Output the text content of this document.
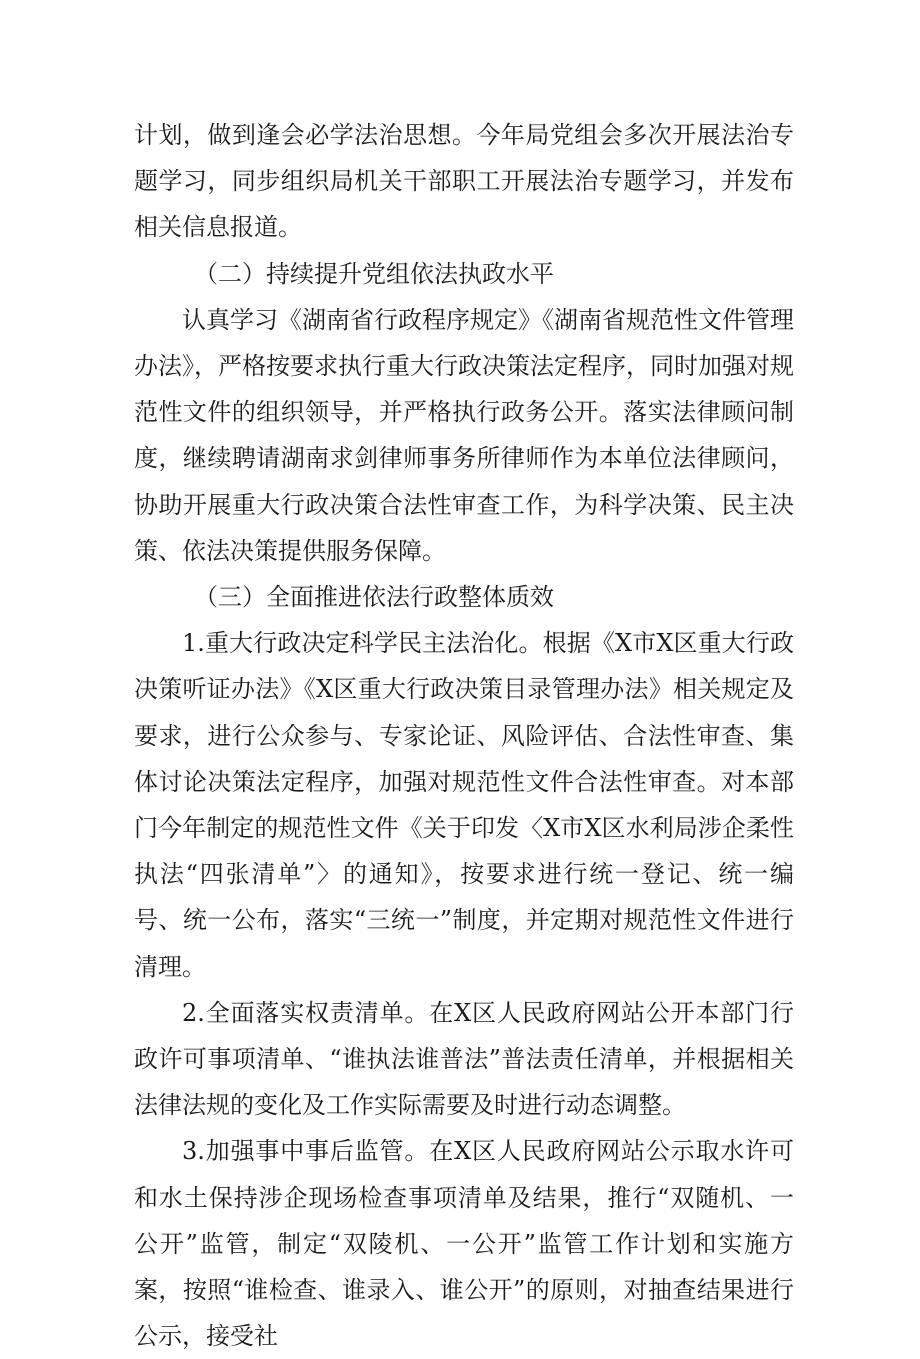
计划，做到逢会必学法治思想。今年局党组会多次开展法治专题学习，同步组织局机关干部职工开展法治专题学习，并发布相关信息报道。

（二）持续提升党组依法执政水平

认真学习《湖南省行政程序规定》《湖南省规范性文件管理办法》，严格按要求执行重大行政决策法定程序，同时加强对规范性文件的组织领导，并严格执行政务公开。落实法律顾问制度，继续聘请湖南求剑律师事务所律师作为本单位法律顾问，协助开展重大行政决策合法性审查工作，为科学决策、民主决策、依法决策提供服务保障。

（三）全面推进依法行政整体质效

1.重大行政决定科学民主法治化。根据《X市X区重大行政决策听证办法》《X区重大行政决策目录管理办法》相关规定及要求，进行公众参与、专家论证、风险评估、合法性审查、集体讨论决策法定程序，加强对规范性文件合法性审查。对本部门今年制定的规范性文件《关于印发〈X市X区水利局涉企柔性执法“四张清单”〉的通知》，按要求进行统一登记、统一编号、统一公布，落实“三统一”制度，并定期对规范性文件进行清理。

2.全面落实权责清单。在X区人民政府网站公开本部门行政许可事项清单、“谁执法谁普法”普法责任清单，并根据相关法律法规的变化及工作实际需要及时进行动态调整。

3.加强事中事后监管。在X区人民政府网站公示取水许可和水土保持涉企现场检查事项清单及结果，推行“双随机、一公开”监管，制定“双陵机、一公开”监管工作计划和实施方案，按照“谁检查、谁录入、谁公开”的原则，对抽查结果进行公示，接受社
